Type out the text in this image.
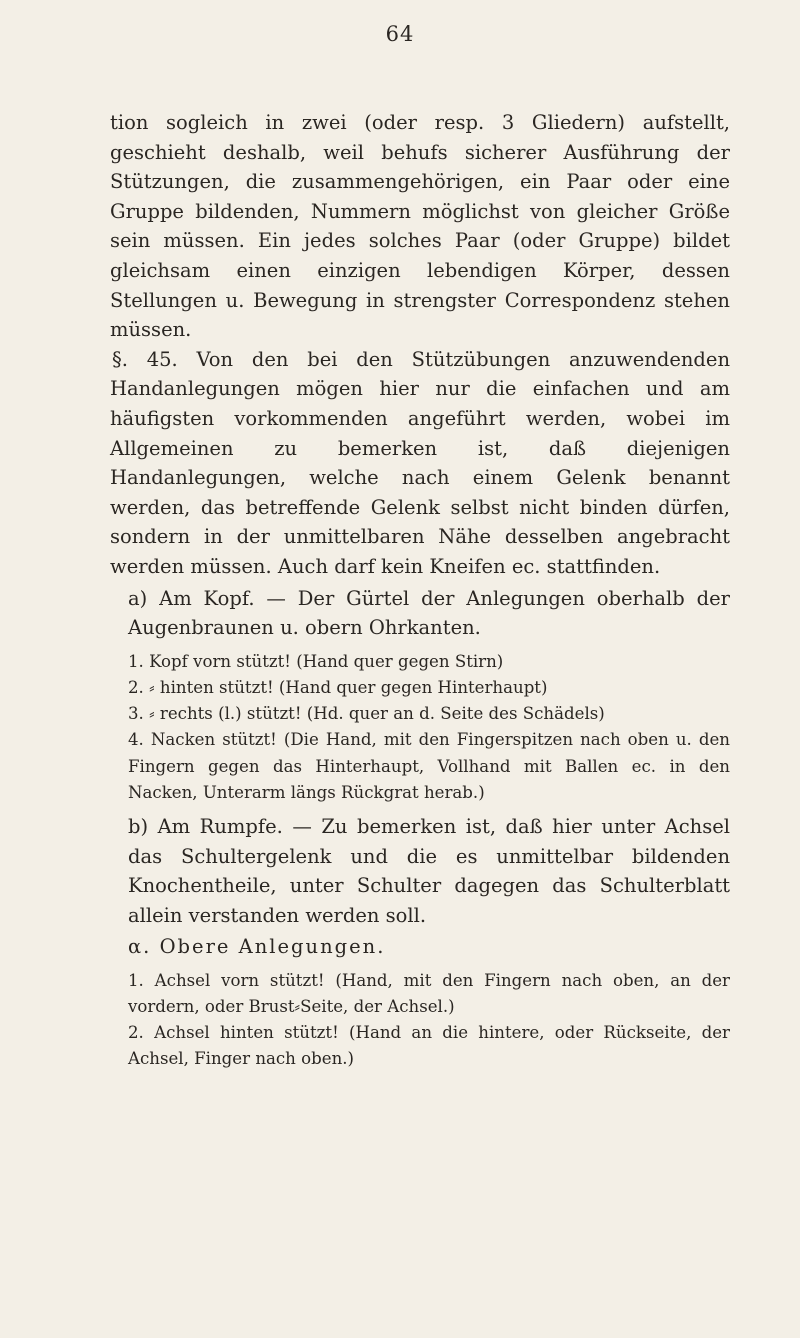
64

tion sogleich in zwei (oder resp. 3 Gliedern) aufstellt, geschieht deshalb, weil behufs sicherer Ausführung der Stützungen, die zusammengehörigen, ein Paar oder eine Gruppe bildenden, Nummern möglichst von gleicher Größe sein müssen. Ein jedes solches Paar (oder Gruppe) bildet gleichsam einen einzigen lebendigen Körper, dessen Stellungen u. Bewegung in strengster Correspondenz stehen müssen.

§. 45. Von den bei den Stützübungen anzuwendenden Handanlegungen mögen hier nur die einfachen und am häufigsten vorkommenden angeführt werden, wobei im Allgemeinen zu bemerken ist, daß diejenigen Handanlegungen, welche nach einem Gelenk benannt werden, das betreffende Gelenk selbst nicht binden dürfen, sondern in der unmittelbaren Nähe desselben angebracht werden müssen. Auch darf kein Kneifen ec. stattfinden.

a) Am Kopf. — Der Gürtel der Anlegungen oberhalb der Augenbraunen u. obern Ohrkanten.

1. Kopf vorn stützt! (Hand quer gegen Stirn)

2. ⸗ hinten stützt! (Hand quer gegen Hinterhaupt)

3. ⸗ rechts (l.) stützt! (Hd. quer an d. Seite des Schädels)

4. Nacken stützt! (Die Hand, mit den Fingerspitzen nach oben u. den Fingern gegen das Hinterhaupt, Vollhand mit Ballen ec. in den Nacken, Unterarm längs Rückgrat herab.)

b) Am Rumpfe. — Zu bemerken ist, daß hier unter Achsel das Schultergelenk und die es unmittelbar bildenden Knochentheile, unter Schulter dagegen das Schulterblatt allein verstanden werden soll.

α. Obere Anlegungen.

1. Achsel vorn stützt! (Hand, mit den Fingern nach oben, an der vordern, oder Brust⸗Seite, der Achsel.)

2. Achsel hinten stützt! (Hand an die hintere, oder Rückseite, der Achsel, Finger nach oben.)
